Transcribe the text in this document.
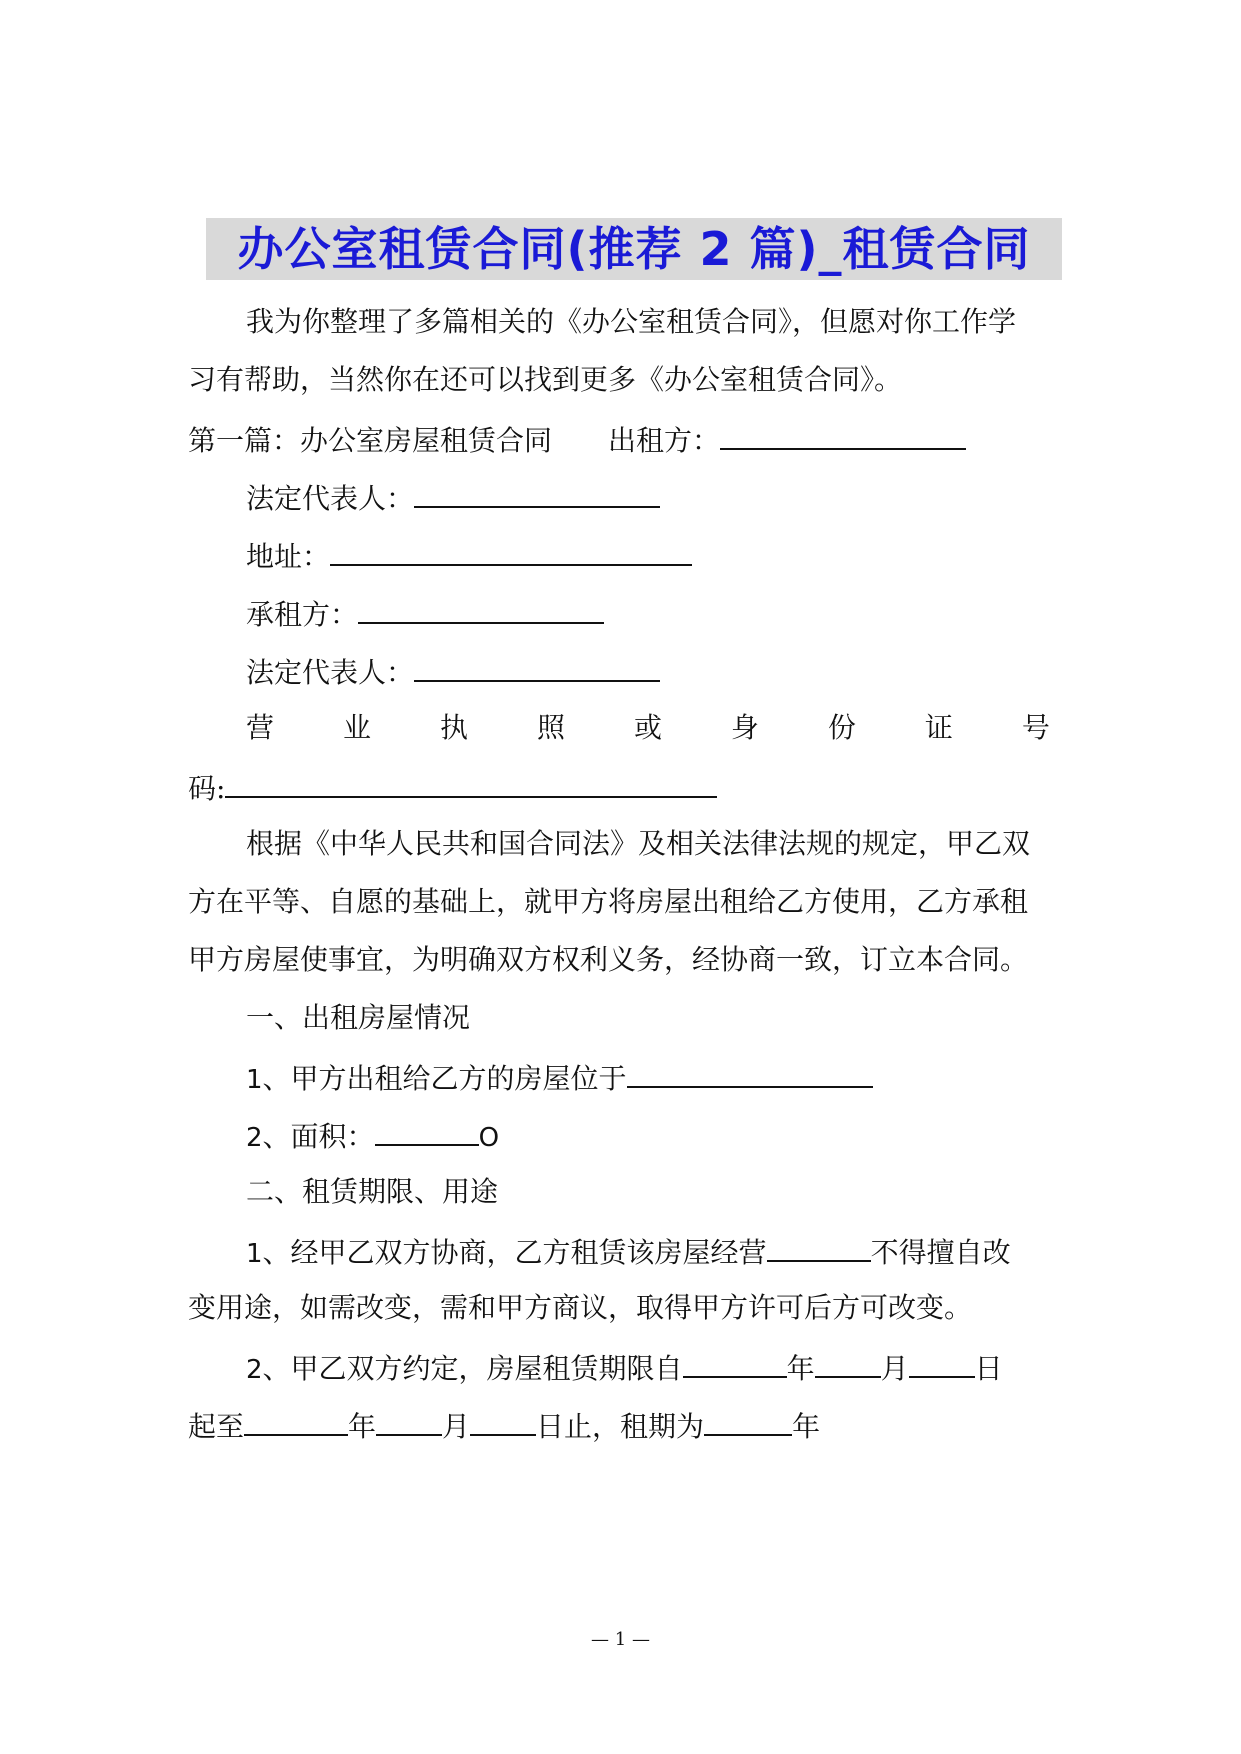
办公室租赁合同(推荐 2 篇)_租赁合同
我为你整理了多篇相关的《办公室租赁合同》，但愿对你工作学
习有帮助，当然你在还可以找到更多《办公室租赁合同》。
第一篇：办公室房屋租赁合同 出租方：
法定代表人：
地址：
承租方：
法定代表人：
营 业 执 照 或 身 份 证 号
码:
根据《中华人民共和国合同法》及相关法律法规的规定，甲乙双
方在平等、自愿的基础上，就甲方将房屋出租给乙方使用，乙方承租
甲方房屋使事宜，为明确双方权利义务，经协商一致，订立本合同。
一、出租房屋情况
1、甲方出租给乙方的房屋位于
2、面积：	O
二、租赁期限、用途
1、经甲乙双方协商，乙方租赁该房屋经营	不得擅自改
变用途，如需改变，需和甲方商议，取得甲方许可后方可改变。
2、甲乙双方约定，房屋租赁期限自	年 月 日
起至	年 月 日止，租期为	年
— 1 —
